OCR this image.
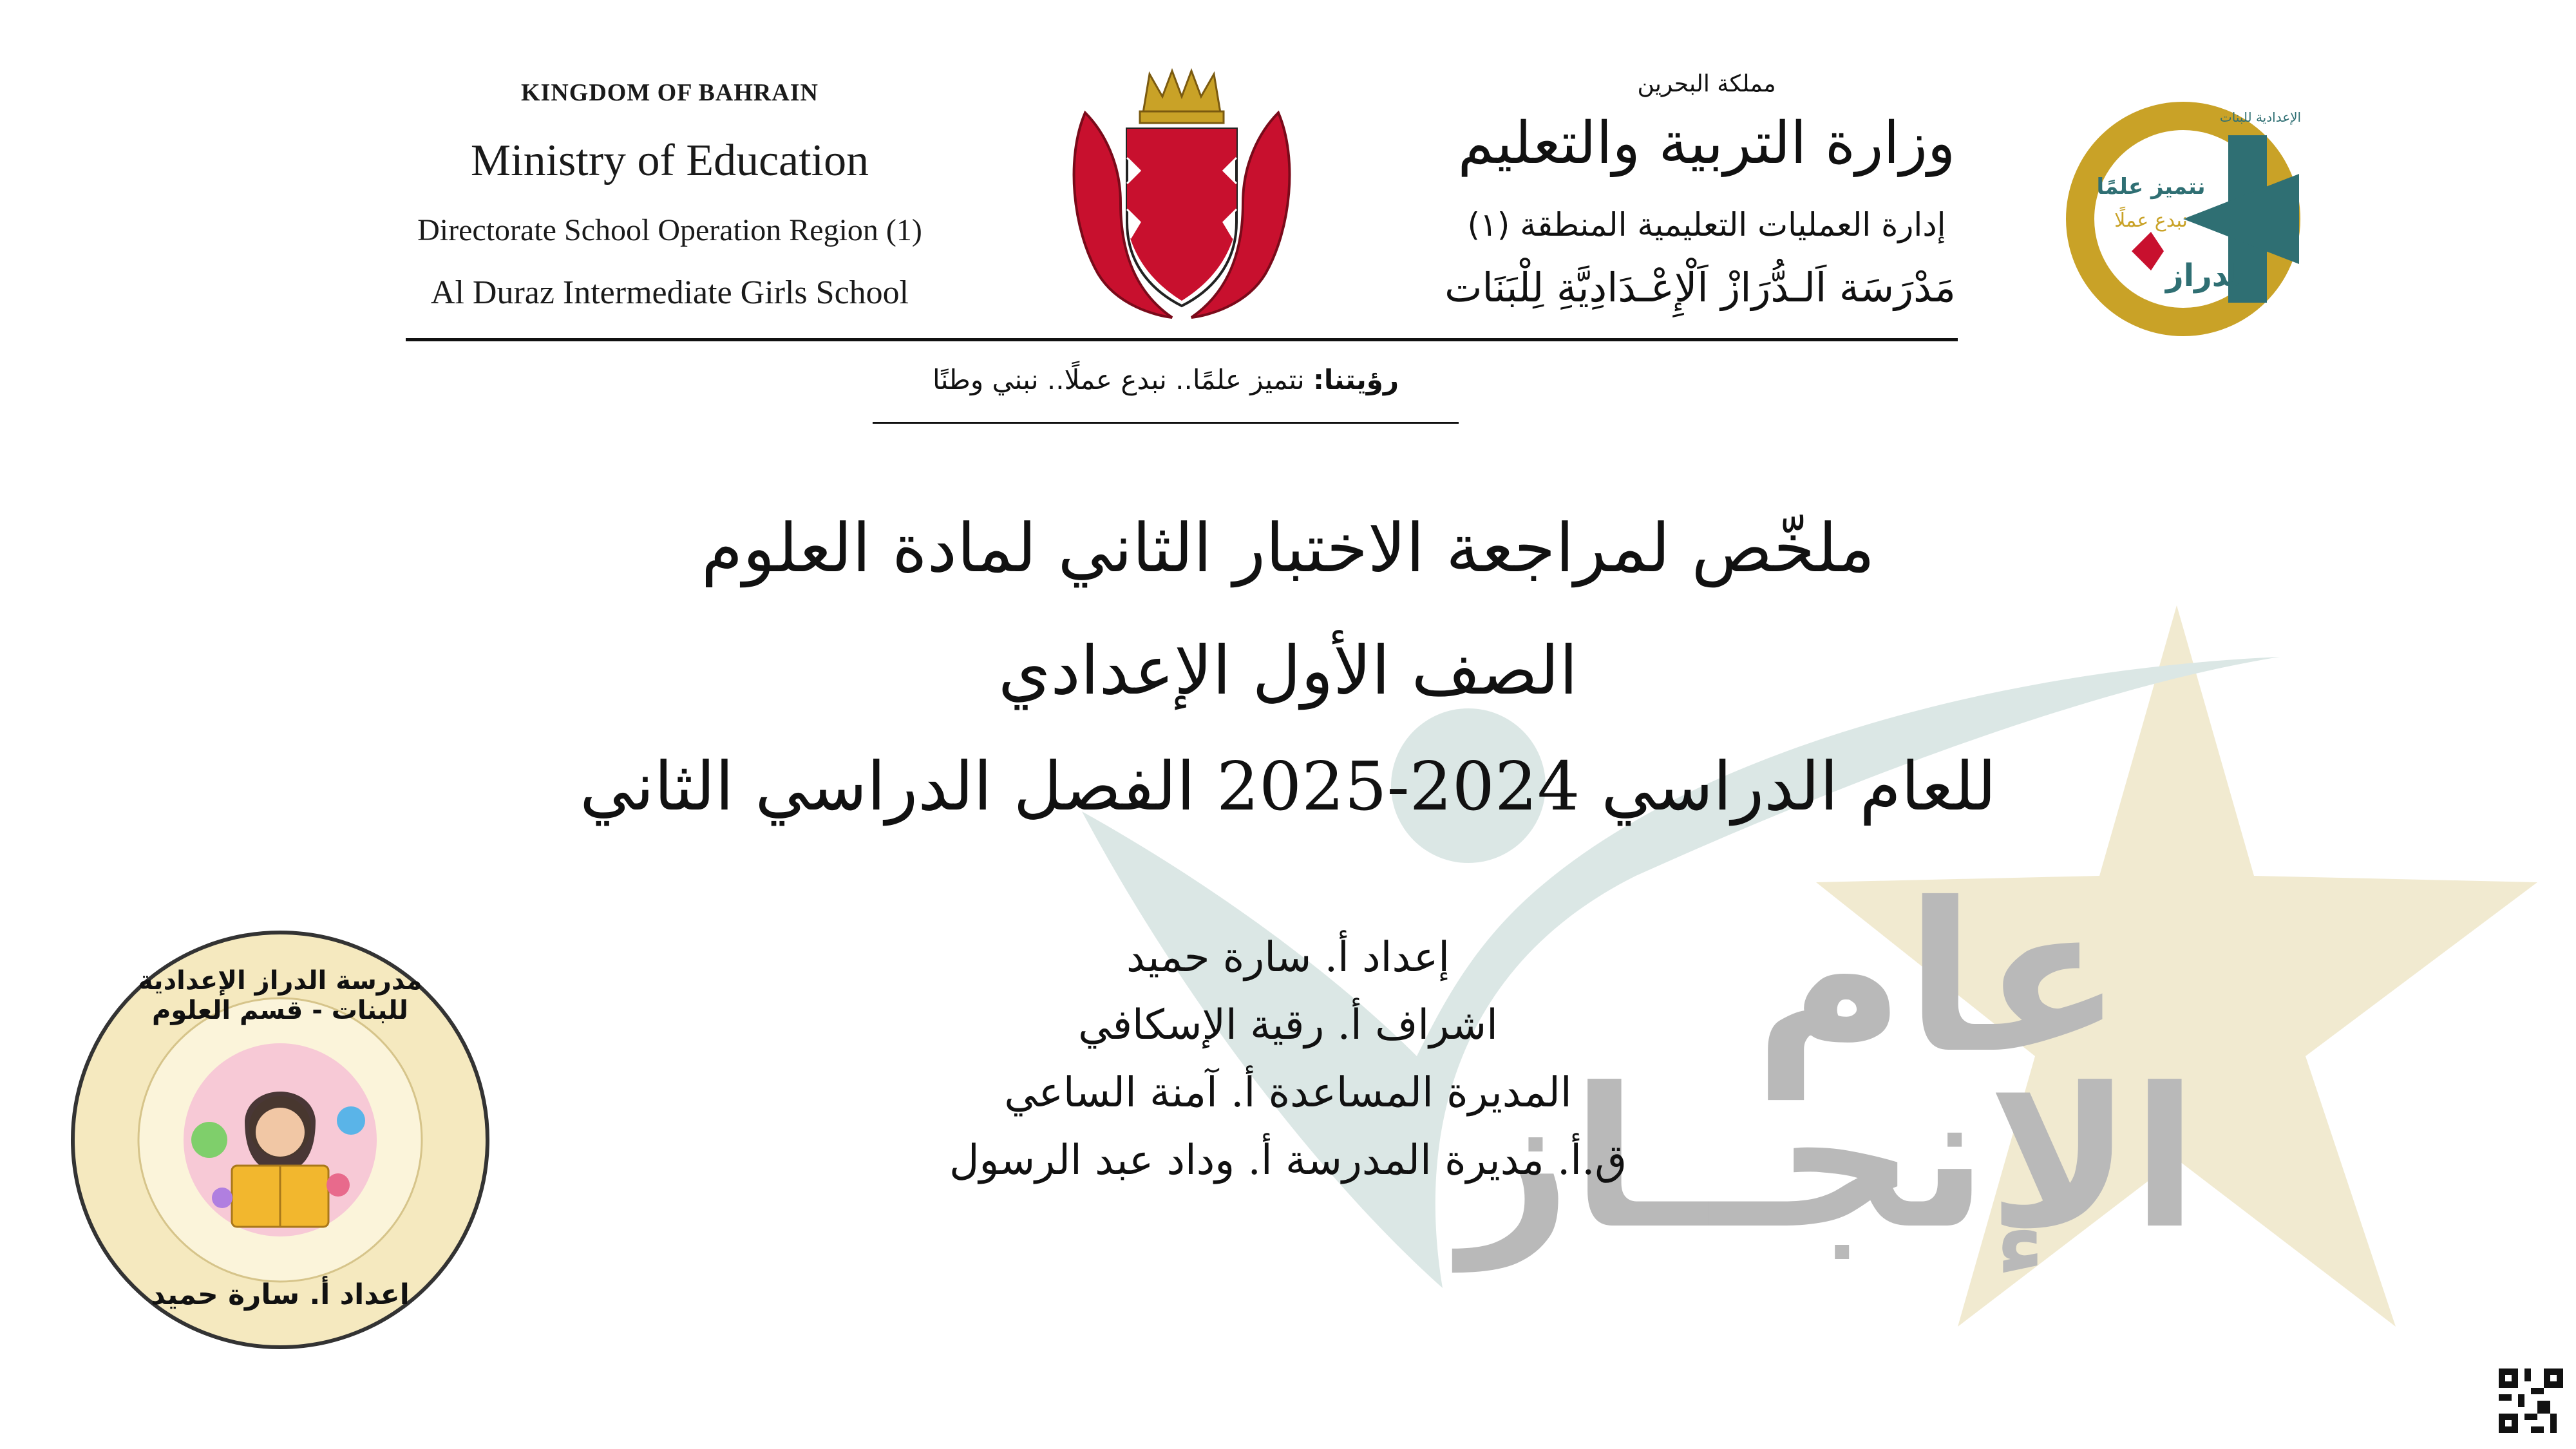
عام
الإنجــاز
KINGDOM OF BAHRAIN
Ministry of Education
Directorate School Operation Region (1)
Al Duraz Intermediate Girls School
مملكة البحرين
وزارة التربية والتعليم
إدارة العمليات التعليمية المنطقة (١)
مَدْرَسَة اَلـدُّرَازْ اَلْإِعْـدَادِيَّةِ لِلْبَنَات
نتميز علمًا
نبدع عملًا
الدراز
الإعدادية للبنات
رؤيتنا: نتميز علمًا.. نبدع عملًا.. نبني وطنًا
ملخّص لمراجعة الاختبار الثاني لمادة العلوم
الصف الأول الإعدادي
للعام الدراسي 2024-2025 الفصل الدراسي الثاني
إعداد أ. سارة حميد
اشراف أ. رقية الإسكافي
المديرة المساعدة أ. آمنة الساعي
ق.أ. مديرة المدرسة أ. وداد عبد الرسول
مدرسة الدراز الإعدادية للبنات - قسم العلوم
اعداد أ. سارة حميد
